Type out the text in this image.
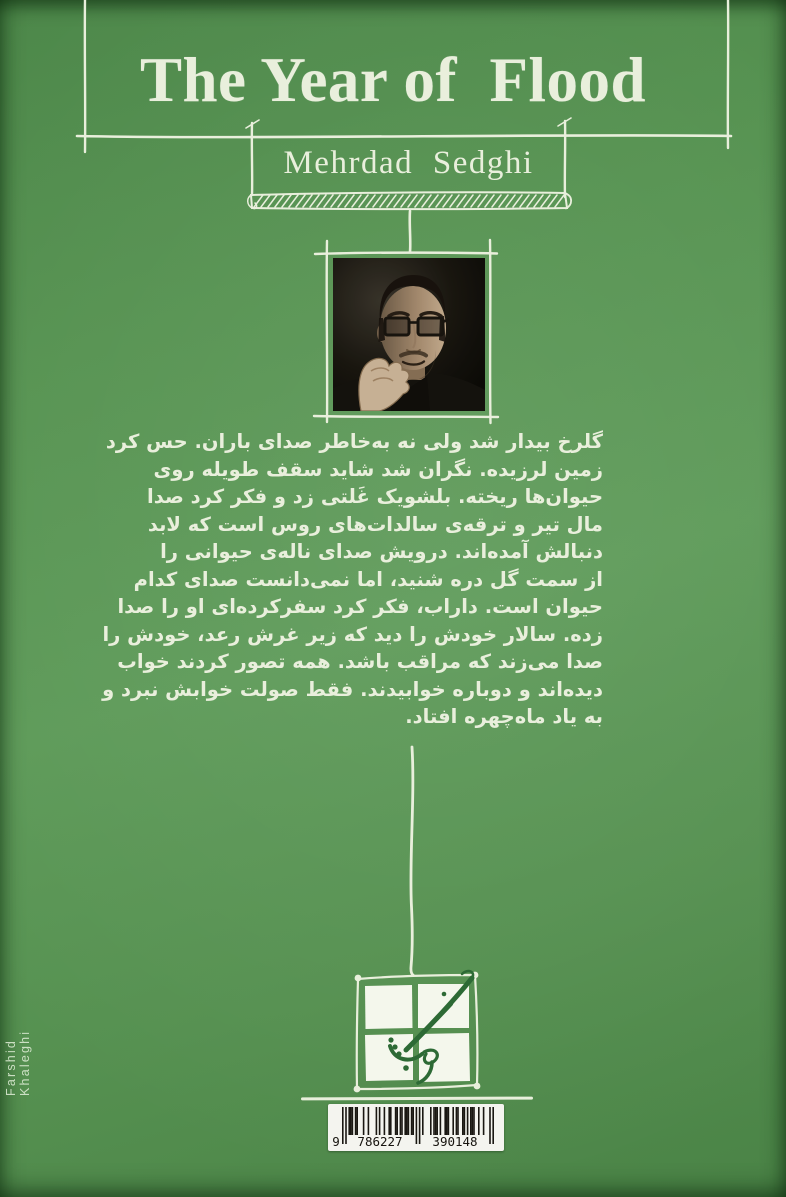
The Year of  Flood
Mehrdad Sedghi
گلرخ بیدار شد ولی نه به‌خاطر صدای باران. حس کرد
زمین لرزیده. نگران شد شاید سقف طویله روی
حیوان‌ها ریخته. بلشویک غَلتی زد و فکر کرد صدا
مال تیر و ترقه‌ی سالدات‌های روس است که لابد
دنبالش آمده‌اند. درویش صدای ناله‌ی حیوانی را
از سمت گل دره شنید، اما نمی‌دانست صدای کدام
حیوان است. داراب، فکر کرد سفرکرده‌ای او را صدا
زده. سالار خودش را دید که زیر غرش رعد، خودش را
صدا می‌زند که مراقب باشد. همه تصور کردند خواب
دیده‌اند و دوباره خوابیدند. فقط صولت خوابش نبرد و
به یاد ماه‌چهره افتاد.
Farshid Khaleghi
9	786227	390148
